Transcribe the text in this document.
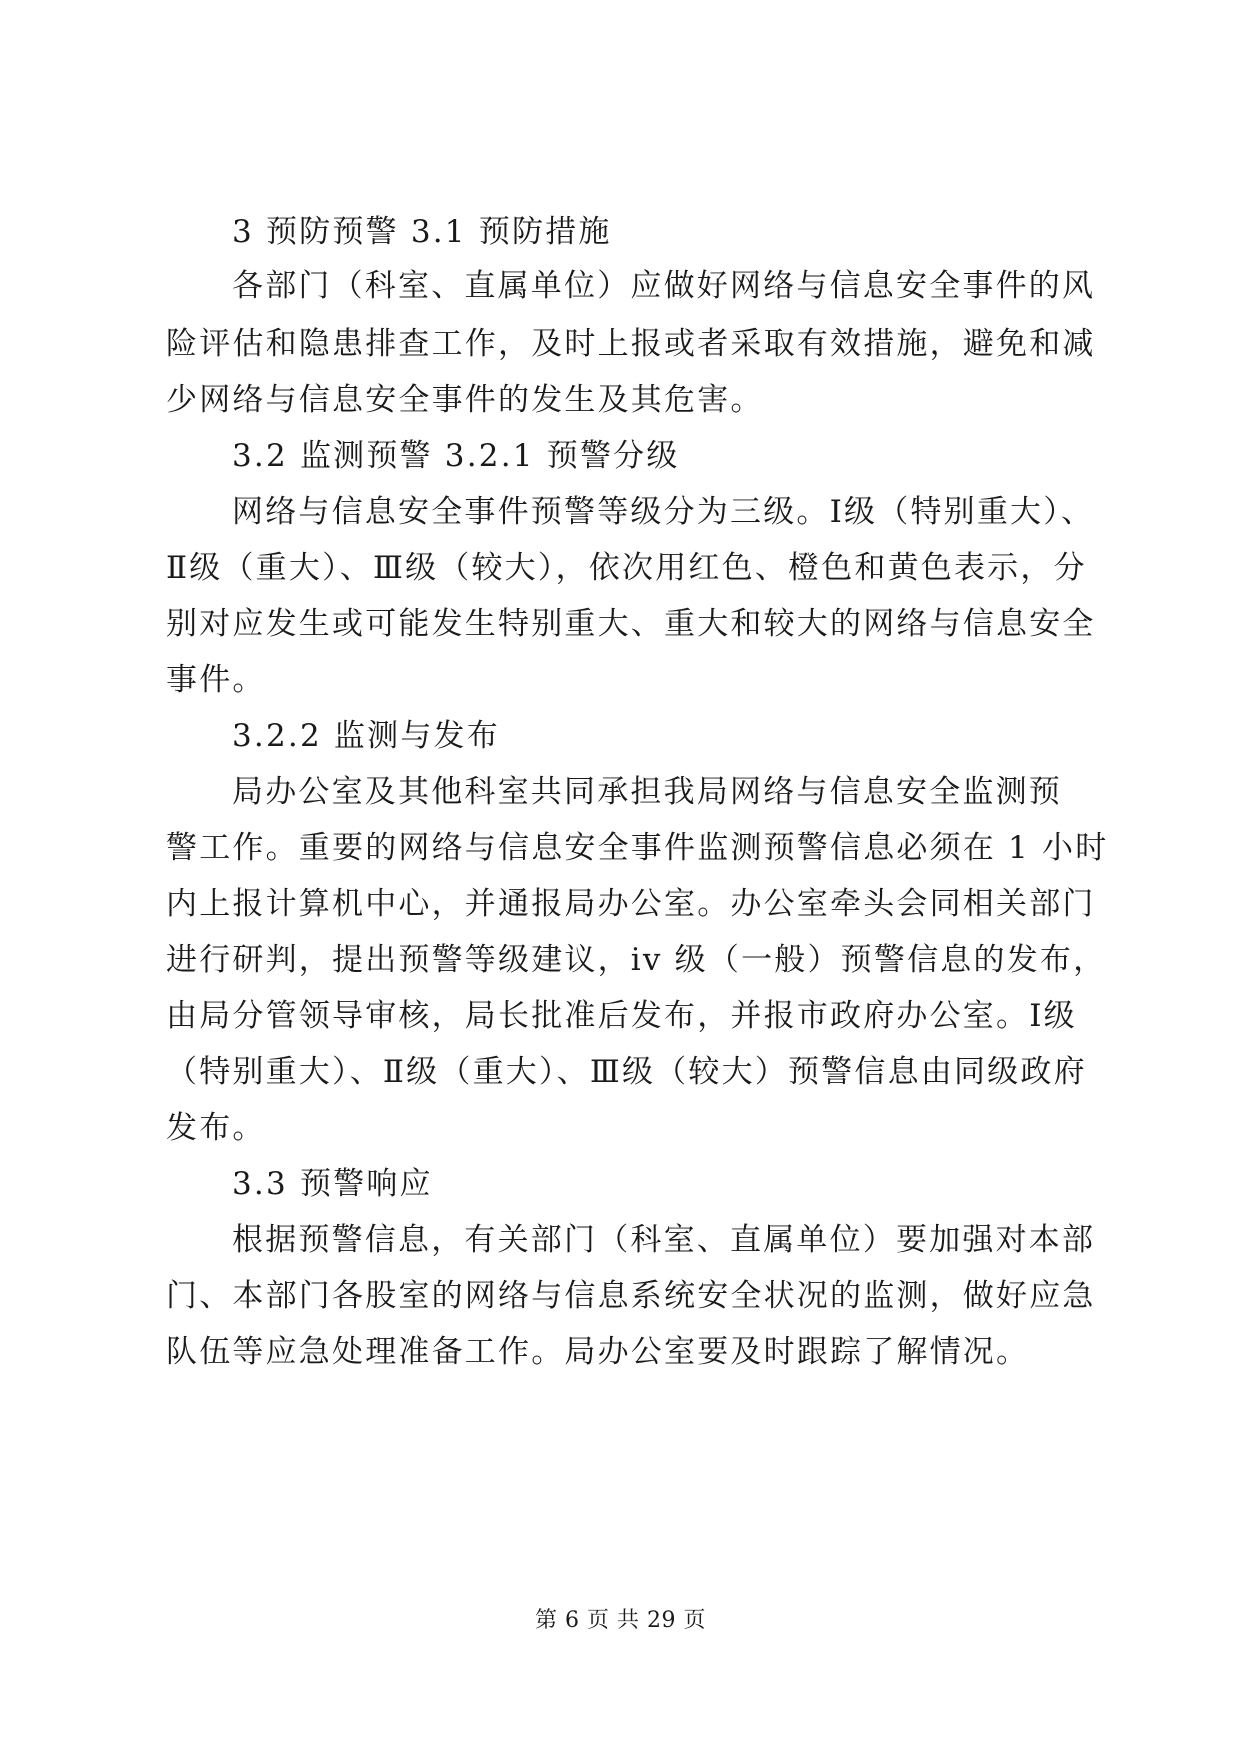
3 预防预警 3.1 预防措施
各部门（科室、直属单位）应做好网络与信息安全事件的风
险评估和隐患排查工作，及时上报或者采取有效措施，避免和减
少网络与信息安全事件的发生及其危害。
3.2 监测预警 3.2.1 预警分级
网络与信息安全事件预警等级分为三级。Ⅰ级（特别重大）、
Ⅱ级（重大）、Ⅲ级（较大），依次用红色、橙色和黄色表示，分
别对应发生或可能发生特别重大、重大和较大的网络与信息安全
事件。
3.2.2 监测与发布
局办公室及其他科室共同承担我局网络与信息安全监测预
警工作。重要的网络与信息安全事件监测预警信息必须在 1 小时
内上报计算机中心，并通报局办公室。办公室牵头会同相关部门
进行研判，提出预警等级建议，iv 级（一般）预警信息的发布，
由局分管领导审核，局长批准后发布，并报市政府办公室。Ⅰ级
（特别重大）、Ⅱ级（重大）、Ⅲ级（较大）预警信息由同级政府
发布。
3.3 预警响应
根据预警信息，有关部门（科室、直属单位）要加强对本部
门、本部门各股室的网络与信息系统安全状况的监测，做好应急
队伍等应急处理准备工作。局办公室要及时跟踪了解情况。
第 6 页 共 29 页
